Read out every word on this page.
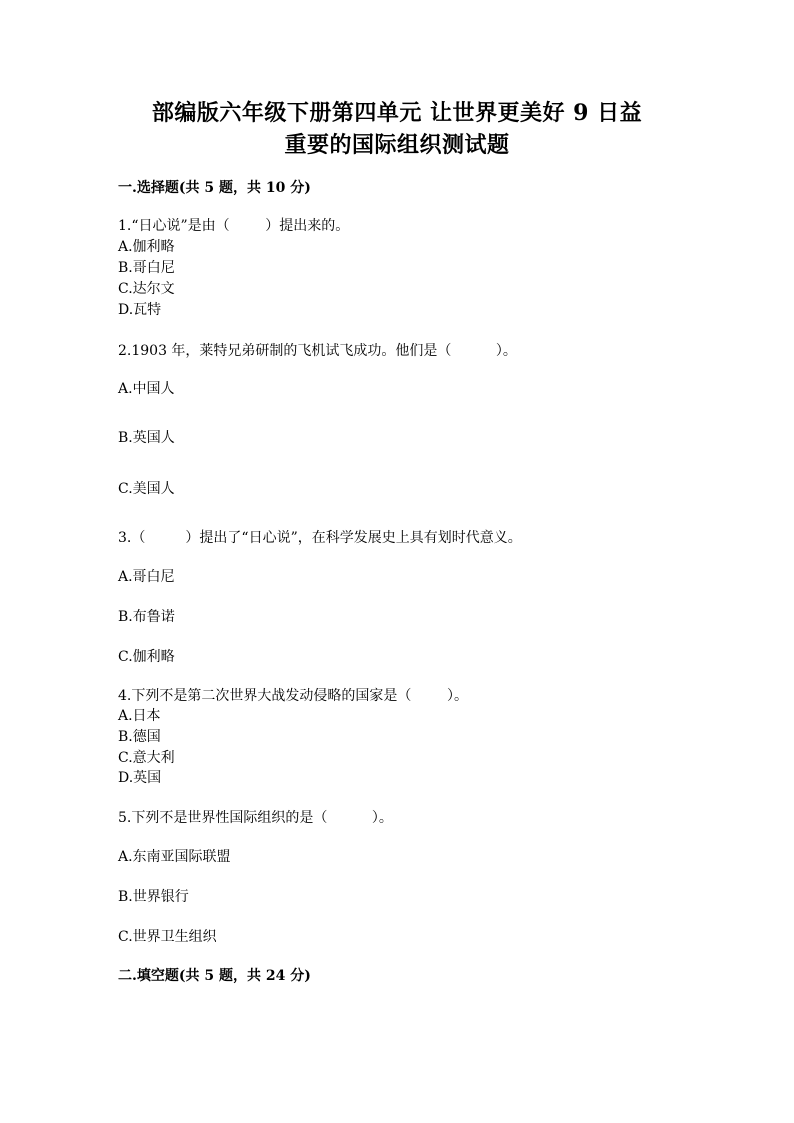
部编版六年级下册第四单元 让世界更美好 9 日益
重要的国际组织测试题
一.选择题(共 5 题，共 10 分)
1.“日心说”是由（        ）提出来的。
A.伽利略
B.哥白尼
C.达尔文
D.瓦特
2.1903 年，莱特兄弟研制的飞机试飞成功。他们是（          ）。
A.中国人
B.英国人
C.美国人
3.（         ）提出了“日心说”，在科学发展史上具有划时代意义。
A.哥白尼
B.布鲁诺
C.伽利略
4.下列不是第二次世界大战发动侵略的国家是（        ）。
A.日本
B.德国
C.意大利
D.英国
5.下列不是世界性国际组织的是（          ）。
A.东南亚国际联盟
B.世界银行
C.世界卫生组织
二.填空题(共 5 题，共 24 分)
